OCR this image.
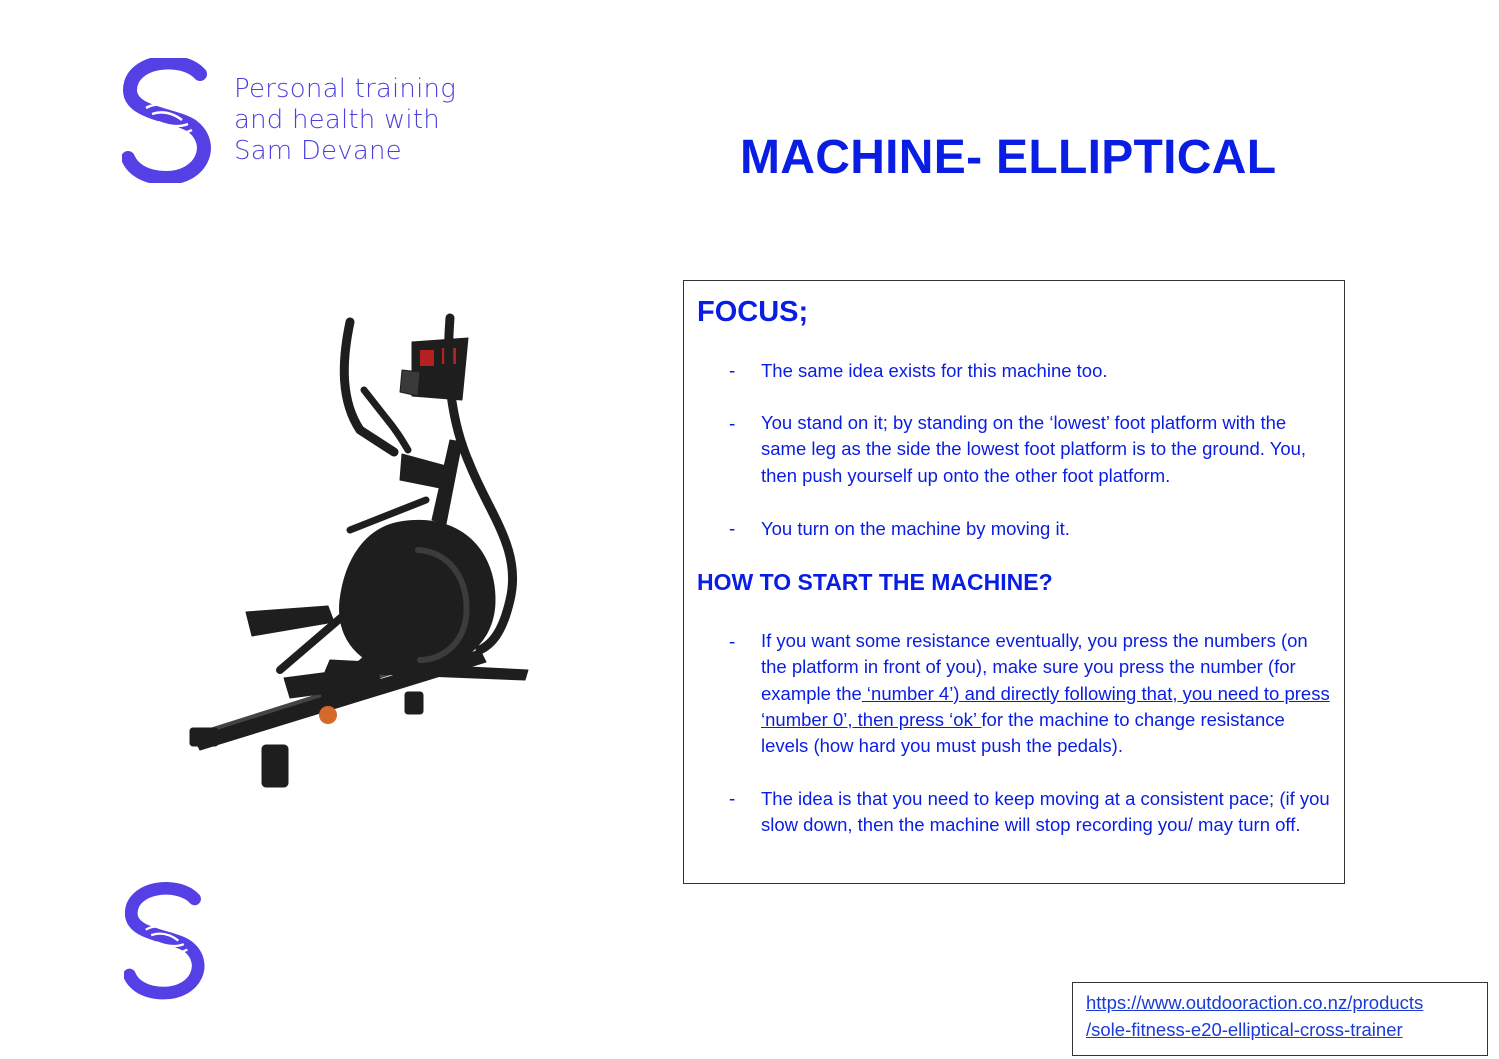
Personal training
and health with
Sam Devane	MACHINE- ELLIPTICAL
FOCUS;
- The same idea exists for this machine too.
- You stand on it; by standing on the ‘lowest’ foot platform with the same leg as the side the lowest foot platform is to the ground. You, then push yourself up onto the other foot platform.
- You turn on the machine by moving it.
HOW TO START THE MACHINE?
- If you want some resistance eventually, you press the numbers (on the platform in front of you), make sure you press the number (for example the ‘number 4’) and directly following that, you need to press ‘number 0’, then press ‘ok’ for the machine to change resistance levels (how hard you must push the pedals).
- The idea is that you need to keep moving at a consistent pace; (if you slow down, then the machine will stop recording you/ may turn off.
https://www.outdooraction.co.nz/products
/sole-fitness-e20-elliptical-cross-trainer
